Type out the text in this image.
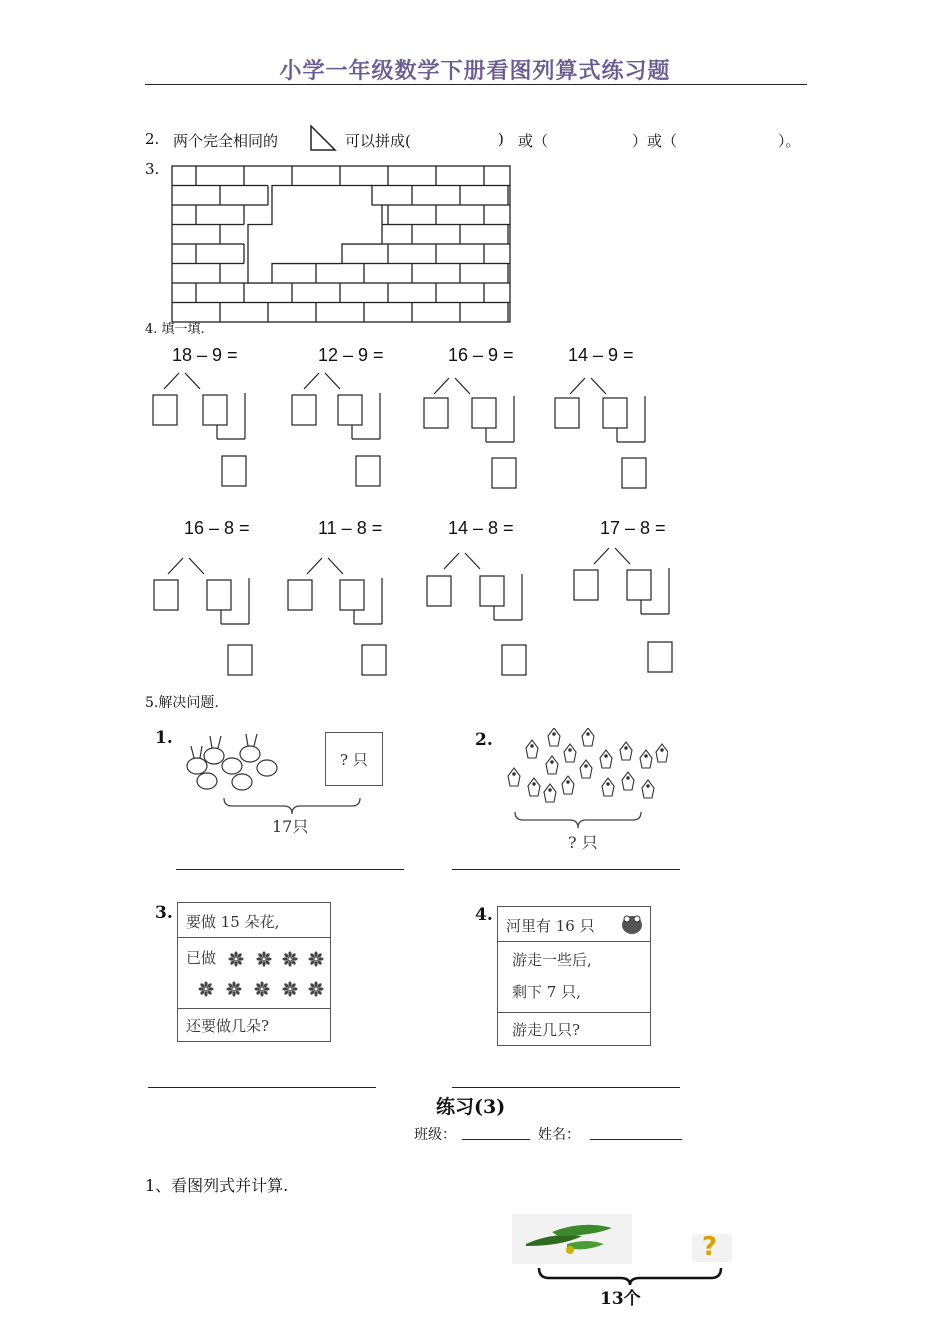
小学一年级数学下册看图列算式练习题
2. 两个完全相同的	可以拼成(	) 或（	）或（	）。
3.
4. 填一填.
18 – 9 =	12 – 9 =	16 – 9 =	14 – 9 =
16 – 8 =	11 – 8 =	14 – 8 =	17 – 8 =
5.解决问题.
1.
? 只
17只
2.
? 只
3. 要做 15 朵花,
已做
还要做几朵?
4.
河里有 16 只
游走一些后,
剩下 7 只,
游走几只?
练习(3)
班级：	姓名：
1、看图列式并计算.
?
13个
